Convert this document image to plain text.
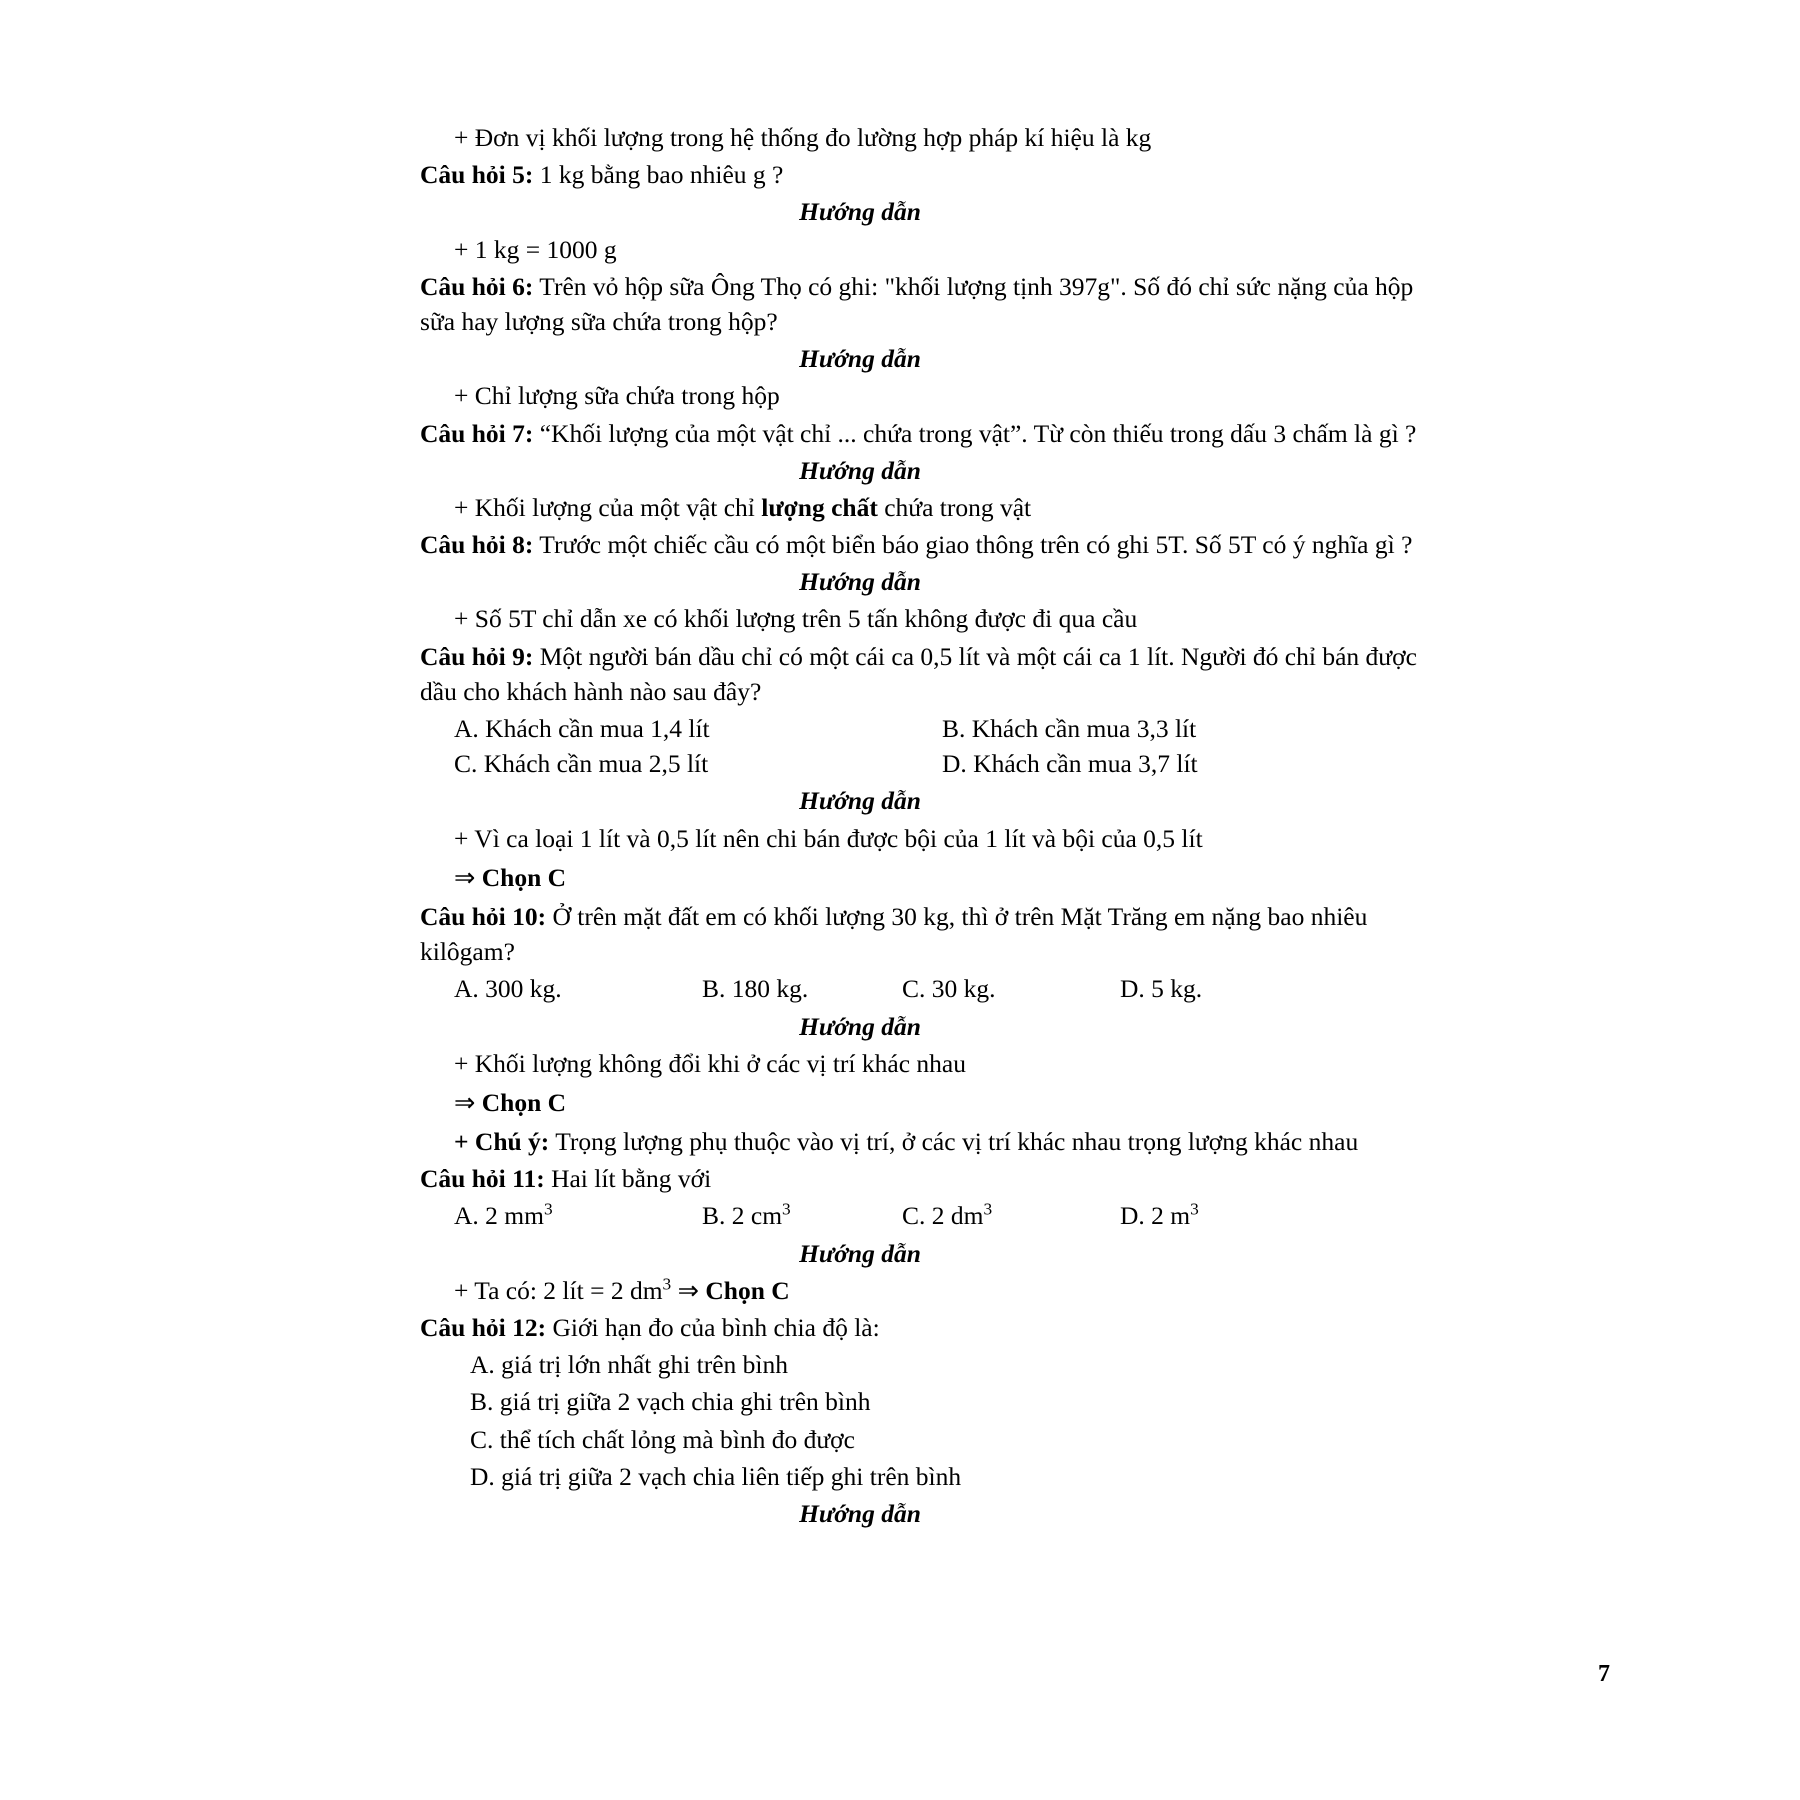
+ Đơn vị khối lượng trong hệ thống đo lường hợp pháp kí hiệu là kg
Câu hỏi 5: 1 kg bằng bao nhiêu g ?
Hướng dẫn
+ 1 kg = 1000 g
Câu hỏi 6: Trên vỏ hộp sữa Ông Thọ có ghi: "khối lượng tịnh 397g". Số đó chỉ sức nặng của hộp sữa hay lượng sữa chứa trong hộp?
Hướng dẫn
+ Chỉ lượng sữa chứa trong hộp
Câu hỏi 7: “Khối lượng của một vật chỉ ... chứa trong vật”. Từ còn thiếu trong dấu 3 chấm là gì ?
Hướng dẫn
+ Khối lượng của một vật chỉ lượng chất chứa trong vật
Câu hỏi 8: Trước một chiếc cầu có một biển báo giao thông trên có ghi 5T. Số 5T có ý nghĩa gì ?
Hướng dẫn
+ Số 5T chỉ dẫn xe có khối lượng trên 5 tấn không được đi qua cầu
Câu hỏi 9: Một người bán dầu chỉ có một cái ca 0,5 lít và một cái ca 1 lít. Người đó chỉ bán được dầu cho khách hành nào sau đây?
A. Khách cần mua 1,4 lít	B. Khách cần mua 3,3 lít
C. Khách cần mua 2,5 lít	D. Khách cần mua 3,7 lít
Hướng dẫn
+ Vì ca loại 1 lít và 0,5 lít nên chi bán được bội của 1 lít và bội của 0,5 lít
⇒ Chọn C
Câu hỏi 10: Ở trên mặt đất em có khối lượng 30 kg, thì ở trên Mặt Trăng em nặng bao nhiêu kilôgam?
A. 300 kg.	B. 180 kg.	C. 30 kg.	D. 5 kg.
Hướng dẫn
+ Khối lượng không đổi khi ở các vị trí khác nhau
⇒ Chọn C
+ Chú ý: Trọng lượng phụ thuộc vào vị trí, ở các vị trí khác nhau trọng lượng khác nhau
Câu hỏi 11: Hai lít bằng với
A. 2 $mm^3$	B. 2 $cm^3$	C. 2 $dm^3$	D. 2 $m^3$
Hướng dẫn
+ Ta có: 2 lít = 2 $dm^3$ ⇒ Chọn C
Câu hỏi 12: Giới hạn đo của bình chia độ là:
A. giá trị lớn nhất ghi trên bình
B. giá trị giữa 2 vạch chia ghi trên bình
C. thể tích chất lỏng mà bình đo được
D. giá trị giữa 2 vạch chia liên tiếp ghi trên bình
Hướng dẫn
7
